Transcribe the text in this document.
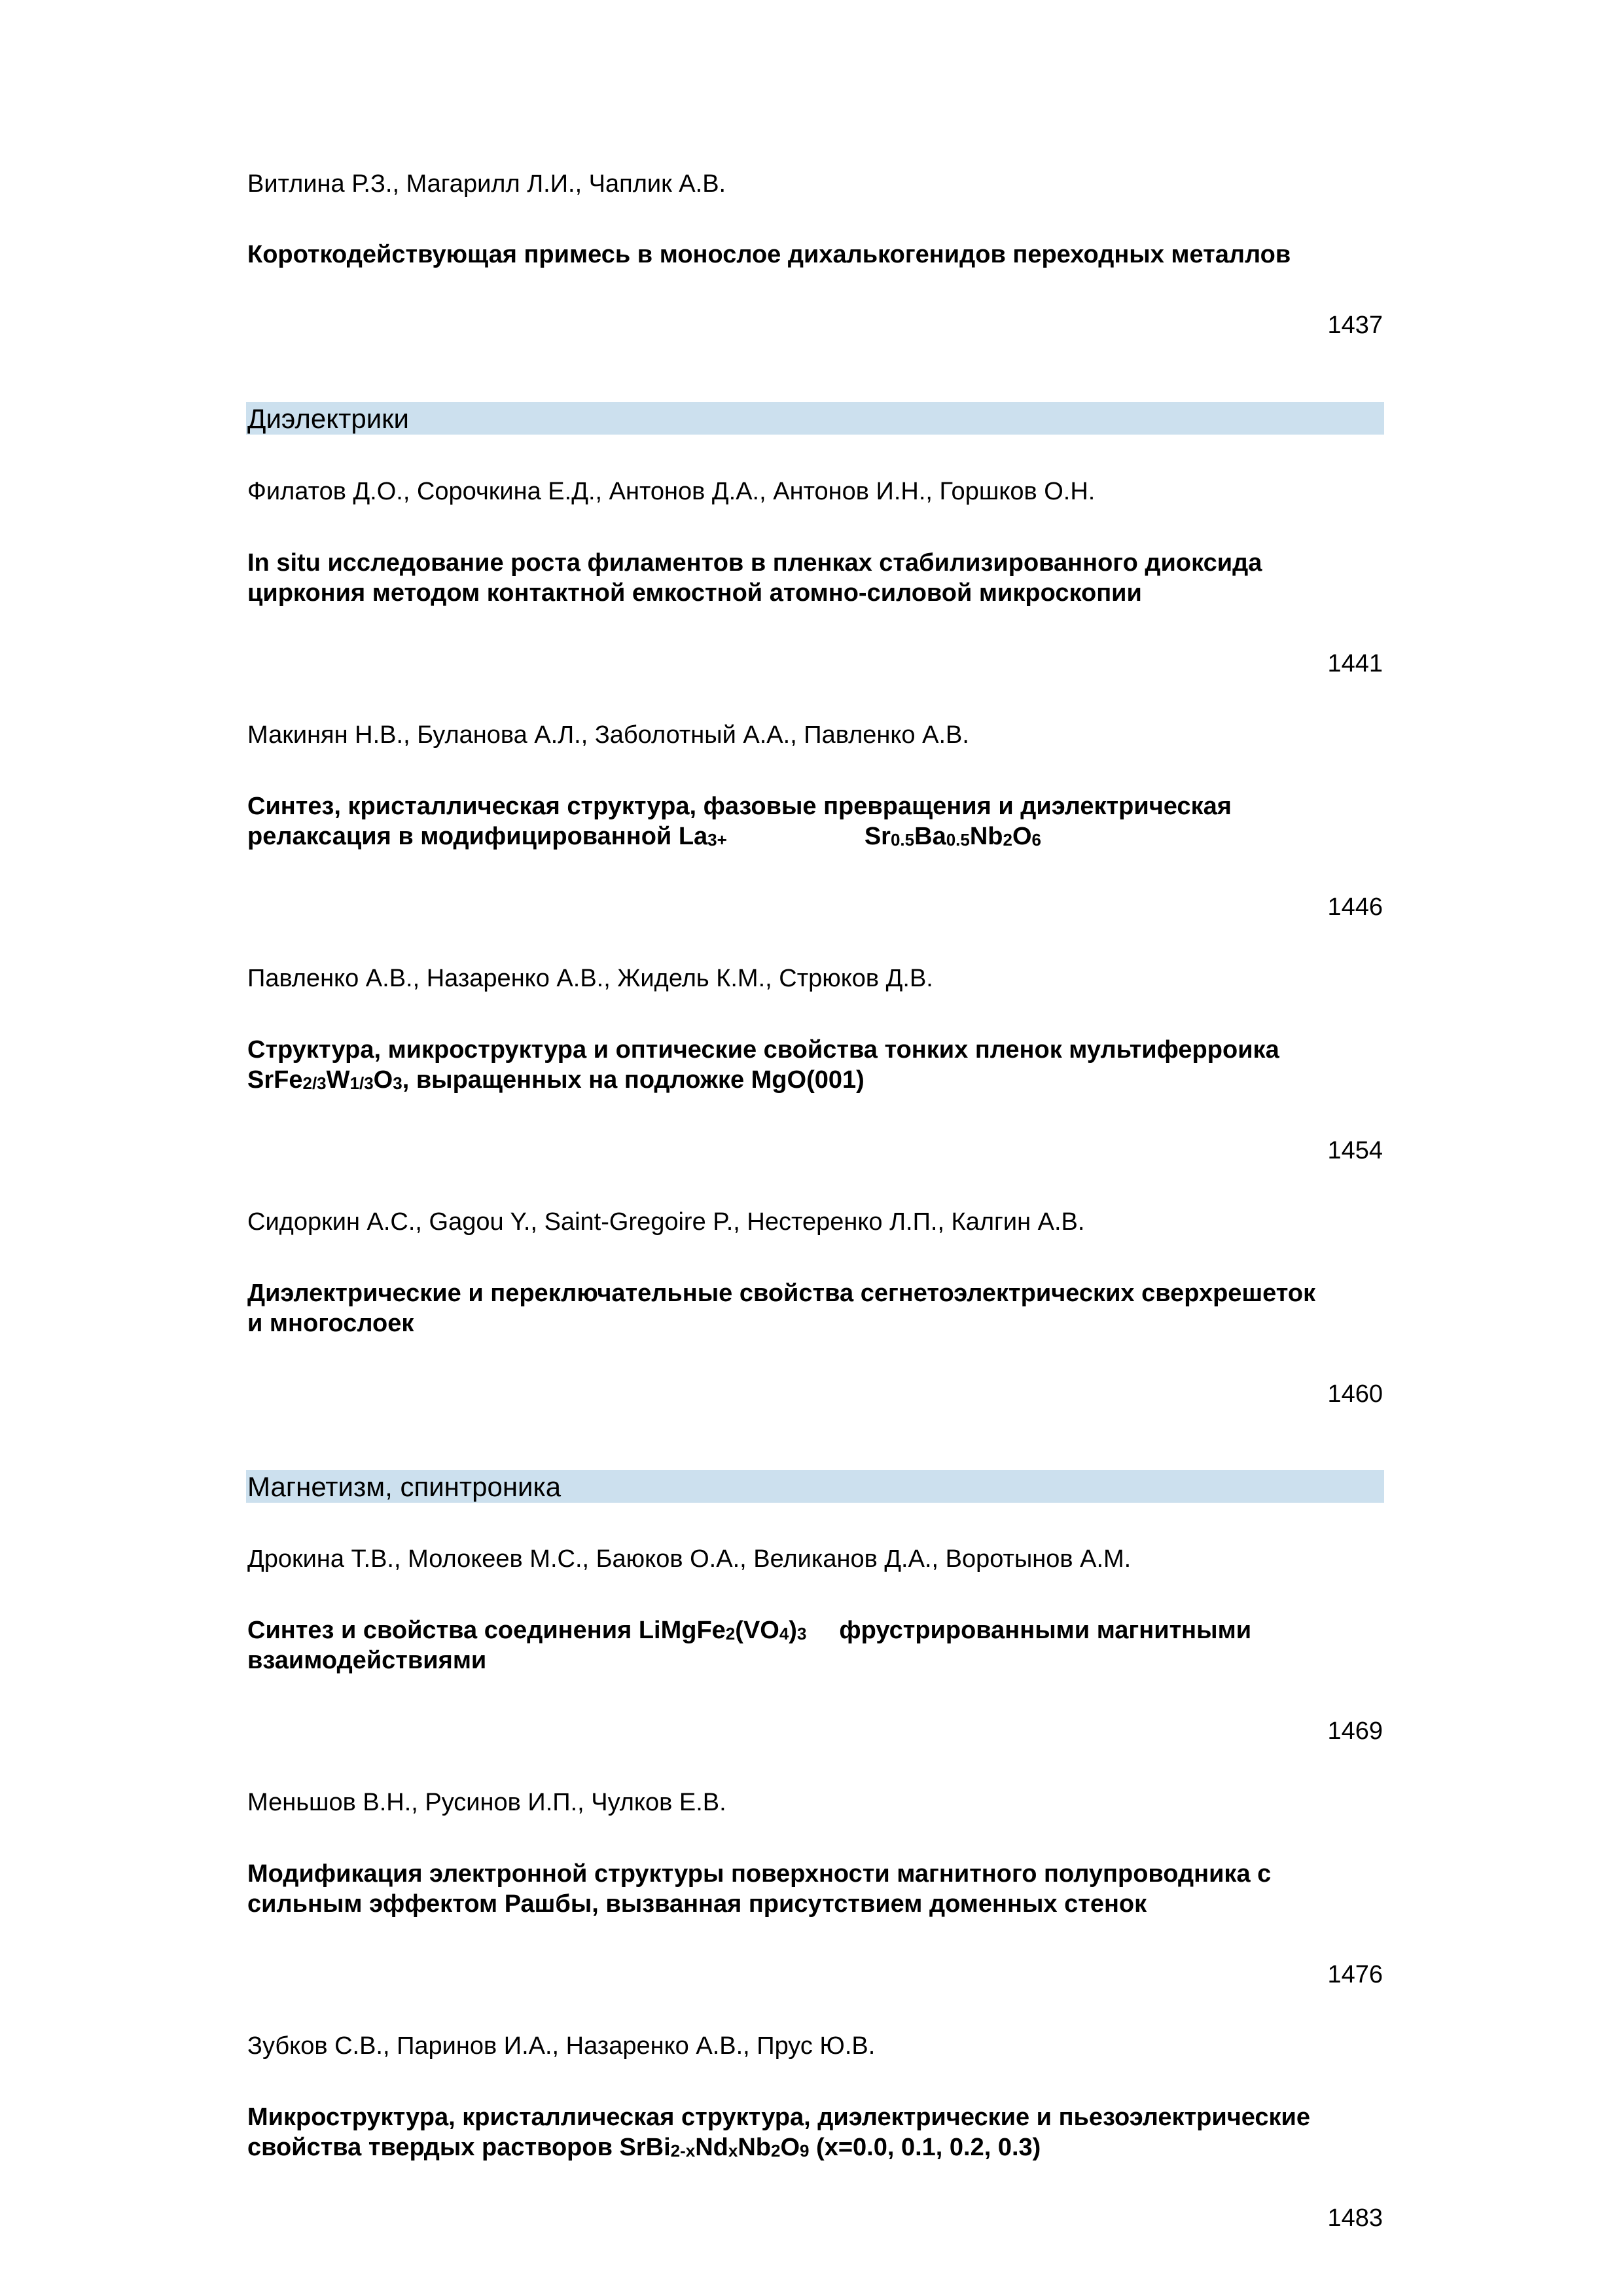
Витлина Р.З., Магарилл Л.И., Чаплик А.В.
Короткодействующая примесь в монослое дихалькогенидов переходных металлов
1437
Диэлектрики
Филатов Д.О., Сорочкина Е.Д., Антонов Д.А., Антонов И.Н., Горшков О.Н.
In situ исследование роста филаментов в пленках стабилизированного диоксида
циркония методом контактной емкостной атомно-силовой микроскопии
1441
Макинян Н.В., Буланова А.Л., Заболотный А.А., Павленко А.В.
Синтез, кристаллическая структура, фазовые превращения и диэлектрическая
релаксация в модифицированной $La^{3+}$	$Sr_{0.5}Ba_{0.5}Nb_2O_6$
1446
Павленко А.В., Назаренко А.В., Жидель К.М., Стрюков Д.В.
Структура, микроструктура и оптические свойства тонких пленок мультиферроика
$SrFe_{2/3}W_{1/3}O_3$, выращенных на подложке MgO(001)
1454
Сидоркин А.С., Gagou Y., Saint-Gregoire P., Нестеренко Л.П., Калгин А.В.
Диэлектрические и переключательные свойства сегнетоэлектрических сверхрешеток
и многослоек
1460
Магнетизм, спинтроника
Дрокина Т.В., Молокеев М.С., Баюков О.А., Великанов Д.А., Воротынов А.М.
Синтез и свойства соединения $LiMgFe_2(VO_4)_3$ фрустрированными магнитными
взаимодействиями
1469
Меньшов В.Н., Русинов И.П., Чулков Е.В.
Модификация электронной структуры поверхности магнитного полупроводника с
сильным эффектом Рашбы, вызванная присутствием доменных стенок
1476
Зубков С.В., Паринов И.А., Назаренко А.В., Прус Ю.В.
Микроструктура, кристаллическая структура, диэлектрические и пьезоэлектрические
свойства твердых растворов $SrBi_{2-x}Nd_xNb_2O_9$ (x=0.0, 0.1, 0.2, 0.3)
1483
